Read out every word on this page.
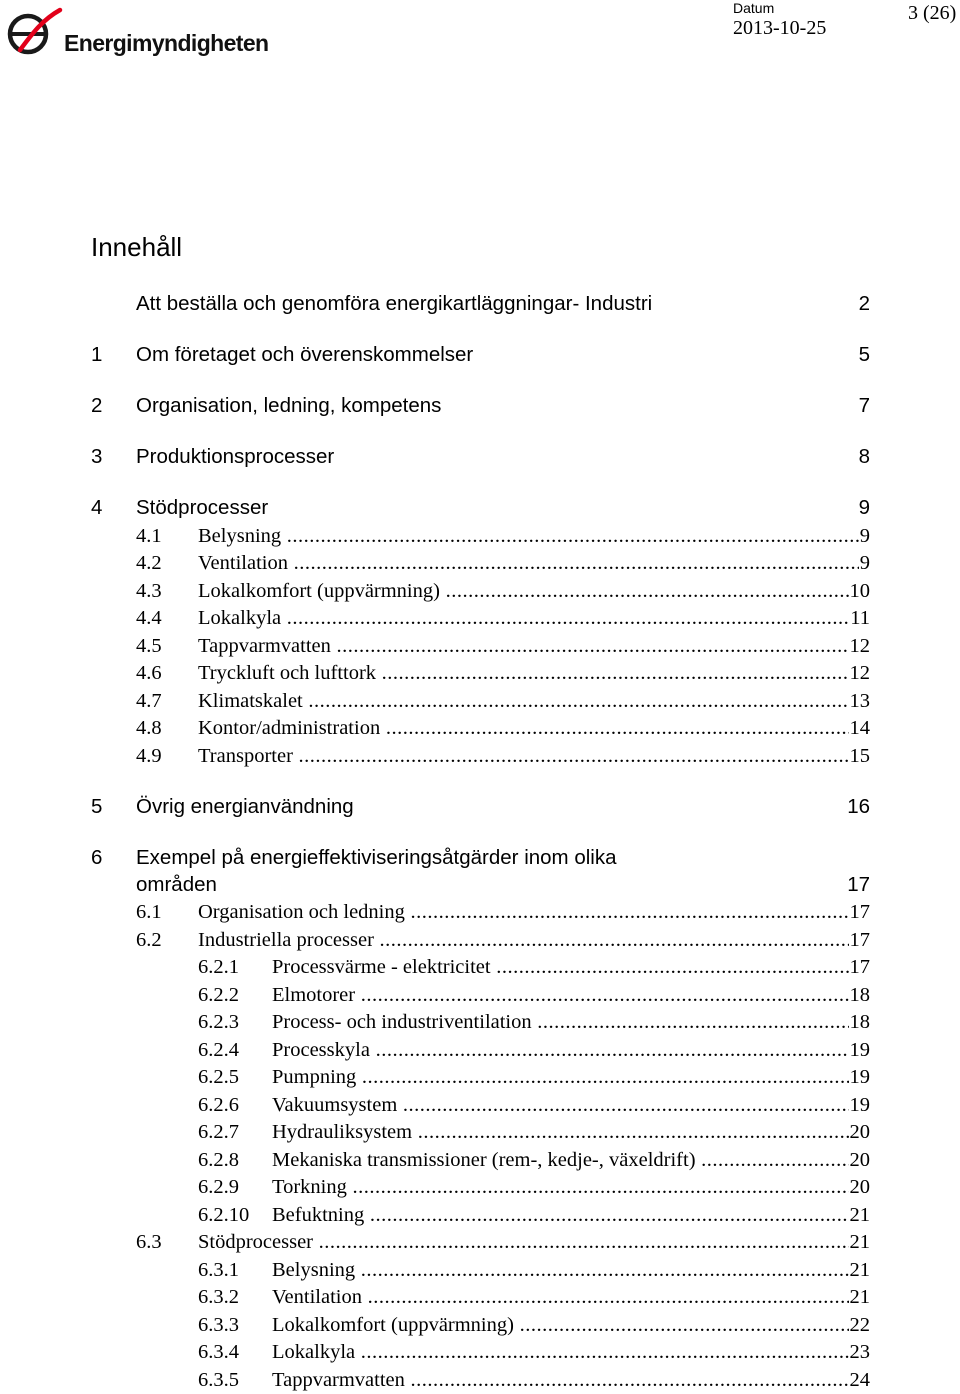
Energimyndigheten
Datum
2013-10-25
3 (26)
Innehåll
Att beställa och genomföra energikartläggningar- Industri	2
1	Om företaget och överenskommelser	5
2	Organisation, ledning, kompetens	7
3	Produktionsprocesser	8
4	Stödprocesser	9
4.1	Belysning .....	9
4.2	Ventilation .....	9
4.3	Lokalkomfort (uppvärmning) .....	10
4.4	Lokalkyla .....	11
4.5	Tappvarmvatten .....	12
4.6	Tryckluft och lufttork .....	12
4.7	Klimatskalet .....	13
4.8	Kontor/administration .....	14
4.9	Transporter .....	15
5	Övrig energianvändning	16
6	Exempel på energieffektiviseringsåtgärder inom olika
områden	17
6.1	Organisation och ledning .....	17
6.2	Industriella processer .....	17
6.2.1	Processvärme - elektricitet .....	17
6.2.2	Elmotorer .....	18
6.2.3	Process- och industriventilation .....	18
6.2.4	Processkyla .....	19
6.2.5	Pumpning .....	19
6.2.6	Vakuumsystem .....	19
6.2.7	Hydrauliksystem .....	20
6.2.8	Mekaniska transmissioner (rem-, kedje-, växeldrift) .....	20
6.2.9	Torkning .....	20
6.2.10	Befuktning .....	21
6.3	Stödprocesser .....	21
6.3.1	Belysning .....	21
6.3.2	Ventilation .....	21
6.3.3	Lokalkomfort (uppvärmning) .....	22
6.3.4	Lokalkyla .....	23
6.3.5	Tappvarmvatten .....	24
